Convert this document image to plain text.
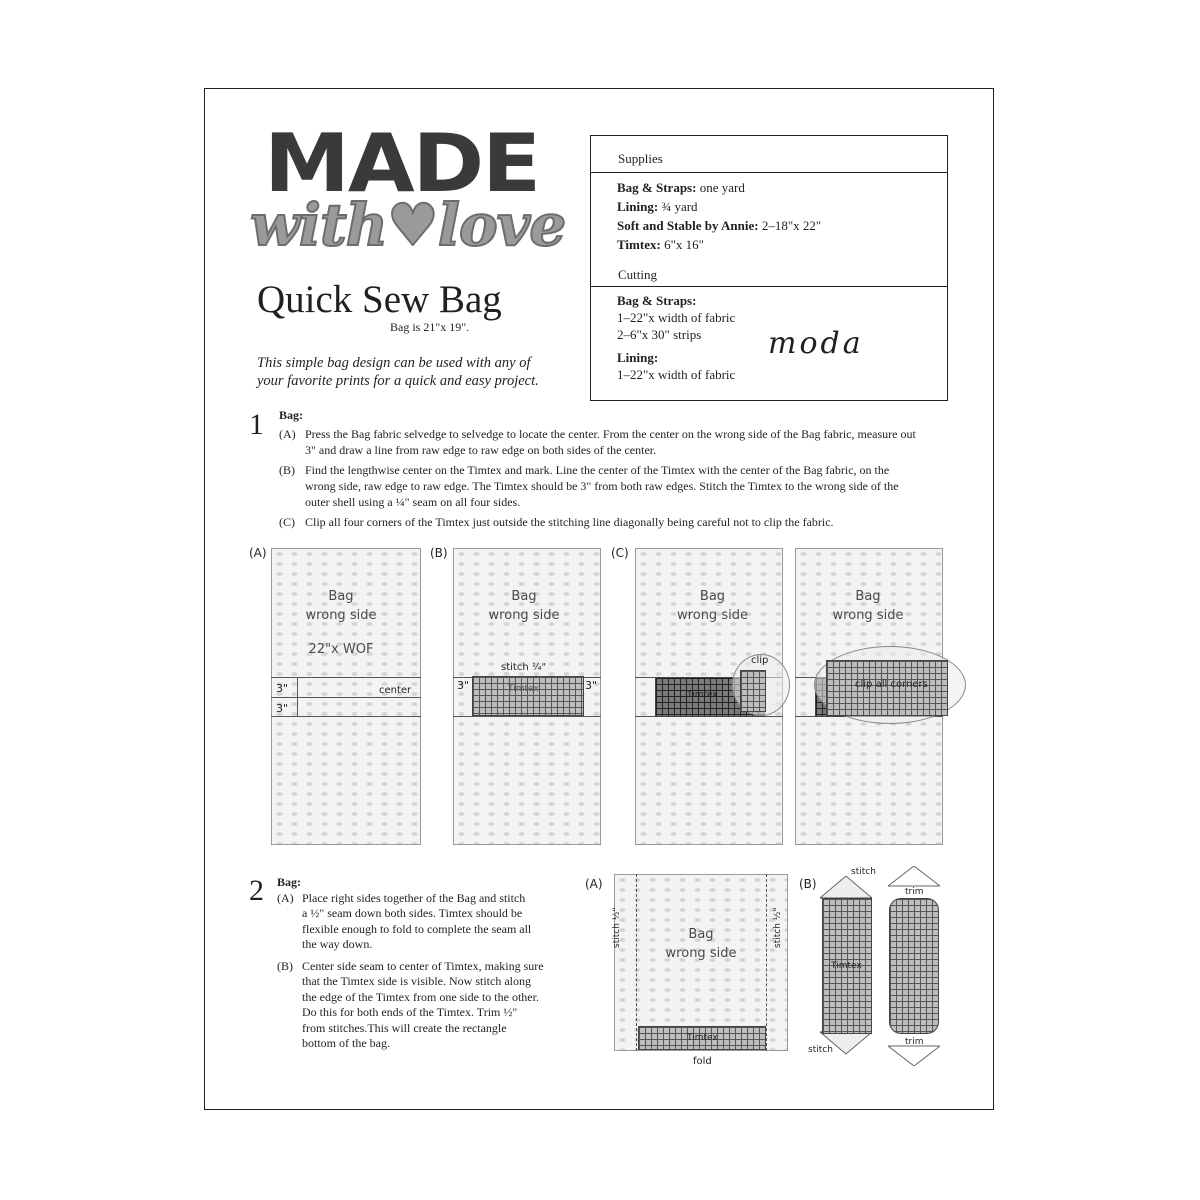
MADE
with♥love
Quick Sew Bag
Bag is 21"x 19".
This simple bag design can be used with any of your favorite prints for a quick and easy project.
Supplies
Bag & Straps: one yard
Lining: ¾ yard
Soft and Stable by Annie: 2–18"x 22"
Timtex: 6"x 16"
Cutting
Bag & Straps:
1–22"x width of fabric
2–6"x 30" strips
Lining:
1–22"x width of fabric
moda
1 Bag:
(A) Press the Bag fabric selvedge to selvedge to locate the center. From the center on the wrong side of the Bag fabric, measure out
3" and draw a line from raw edge to raw edge on both sides of the center.
(B) Find the lengthwise center on the Timtex and mark. Line the center of the Timtex with the center of the Bag fabric, on the
wrong side, raw edge to raw edge. The Timtex should be 3" from both raw edges. Stitch the Timtex to the wrong side of the
outer shell using a ¼" seam on all four sides.
(C) Clip all four corners of the Timtex just outside the stitching line diagonally being careful not to clip the fabric.
(A)	(B)	(C)
Bag
wrong side
22"x WOF
3"
3"
center
Bag
wrong side
stitch ¼"
Timtex
3"	3"
Bag
wrong side
clip
Timtex
Bag
wrong side
clip all corners
2 Bag:
(A) Place right sides together of the Bag and stitch
a ½" seam down both sides. Timtex should be
flexible enough to fold to complete the seam all
the way down.
(B) Center side seam to center of Timtex, making sure
that the Timtex side is visible. Now stitch along
the edge of the Timtex from one side to the other.
Do this for both ends of the Timtex. Trim ½"
from stitches.This will create the rectangle
bottom of the bag.
(A)
stitch ½"	stitch ½"
Bag
wrong side
Timtex
fold
(B)
stitch
Timtex
stitch
trim
trim
